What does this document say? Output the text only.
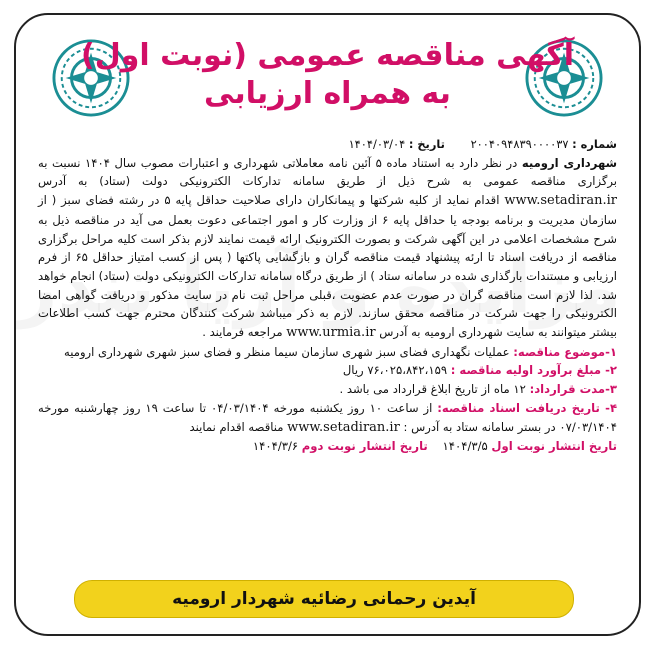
آگهی مناقصه عمومی (نوبت اول)
به همراه ارزیابی

شماره : ۲۰۰۴۰۹۴۸۳۹۰۰۰۰۳۷ تاریخ : ۱۴۰۴/۰۳/۰۴

شهرداری ارومیه در نظر دارد به استناد ماده ۵ آئین نامه معاملاتی شهرداری و اعتبارات مصوب سال ۱۴۰۴ نسبت به برگزاری مناقصه عمومی به شرح ذیل از طریق سامانه تدارکات الکترونیکی دولت (ستاد) به آدرس www.setadiran.ir اقدام نماید از کلیه شرکتها و پیمانکاران دارای صلاحیت حداقل پایه ۵ در رشته فضای سبز ( از سازمان مدیریت و برنامه بودجه یا حداقل پایه ۶ از وزارت کار و امور اجتماعی دعوت بعمل می آید در مناقصه ذیل به شرح مشخصات اعلامی در این آگهی شرکت و بصورت الکترونیک ارائه قیمت نمایند لازم بذکر است کلیه مراحل برگزاری مناقصه از دریافت اسناد تا ارئه پیشنهاد قیمت مناقصه گران و بازگشایی پاکتها ( پس از کسب امتیاز حداقل ۶۵ از فرم ارزیابی و مستندات بارگذاری شده در سامانه ستاد ) از طریق درگاه سامانه تدارکات الکترونیکی دولت (ستاد) انجام خواهد شد. لذا لازم است مناقصه گران در صورت عدم عضویت ،قبلی مراحل ثبت نام در سایت مذکور و دریافت گواهی امضا الکترونیکی را جهت شرکت در مناقصه محقق سازند. لازم به ذکر میباشد شرکت کنندگان محترم جهت کسب اطلاعات بیشتر میتوانند به سایت شهرداری ارومیه به آدرس www.urmia.ir مراجعه فرمایند .

۱-موضوع مناقصه: عملیات نگهداری فضای سبز شهری سازمان سیما منظر و فضای سبز شهری شهرداری ارومیه

۲- مبلغ برآورد اولیه مناقصه : ۷۶،۰۲۵،۸۴۲،۱۵۹ ریال

۳-مدت قرارداد: ۱۲ ماه از تاریخ ابلاغ قرارداد می باشد .

۴- تاریخ دریافت اسناد مناقصه: از ساعت ۱۰ روز یکشنبه مورخه ۰۴/۰۳/۱۴۰۴ تا ساعت ۱۹ روز چهارشنبه مورخه ۰۷/۰۳/۱۴۰۴ در بستر سامانه ستاد به آدرس : www.setadiran.ir مناقصه اقدام نمایند

تاریخ انتشار نوبت اول ۱۴۰۴/۳/۵    تاریخ انتشار نوبت دوم ۱۴۰۴/۳/۶

آیدین رحمانی رضائیه شهردار ارومیه
